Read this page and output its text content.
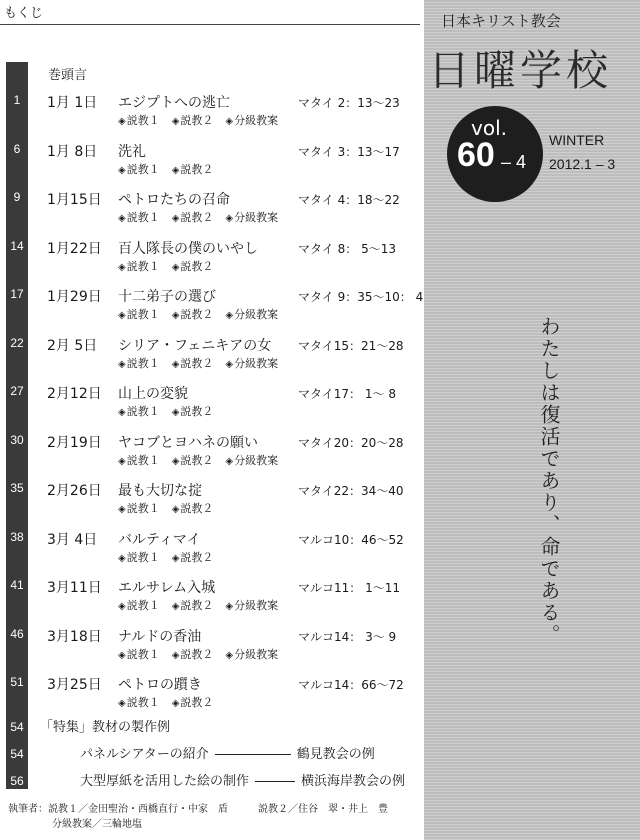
もくじ
巻頭言
1	1月 1日 エジプトへの逃亡	マタイ 2：13〜23
◈ 説教１	◈ 説教２	◈ 分級教案
6	1月 8日 洗礼	マタイ 3：13〜17
◈ 説教１	◈ 説教２
9	1月15日 ペトロたちの召命	マタイ 4：18〜22
◈ 説教１	◈ 説教２	◈ 分級教案
14	1月22日 百人隊長の僕のいやし	マタイ 8： 5〜13
◈ 説教１	◈ 説教２
17	1月29日 十二弟子の選び	マタイ 9：35〜10： 4
◈ 説教１	◈ 説教２	◈ 分級教案
22	2月 5日 シリア・フェニキアの女 マタイ15：21〜28
◈ 説教１	◈ 説教２	◈ 分級教案
27	2月12日 山上の変貌	マタイ17： 1〜 8
◈ 説教１	◈ 説教２
30	2月19日 ヤコブとヨハネの願い	マタイ20：20〜28
◈ 説教１	◈ 説教２	◈ 分級教案
35	2月26日 最も大切な掟	マタイ22：34〜40
◈ 説教１	◈ 説教２
38	3月 4日 バルティマイ	マルコ10：46〜52
◈ 説教１	◈ 説教２
41	3月11日 エルサレム入城	マルコ11： 1〜11
◈ 説教１	◈ 説教２	◈ 分級教案
46	3月18日 ナルドの香油	マルコ14： 3〜 9
◈ 説教１	◈ 説教２	◈ 分級教案
51	3月25日 ペトロの躓き	マルコ14：66〜72
◈ 説教１	◈ 説教２
54	「特集」教材の製作例
54	パネルシアターの紹介	鶴見教会の例
56	大型厚紙を活用した絵の制作	横浜海岸教会の例
執筆者：説教１／金田聖治・西橋直行・中家　盾　　　説教２／住谷　翠・井上　豊
分級教案／三輪地塩
日本キリスト教会
日曜学校
vol.
60 – 4
WINTER
2012.1 – 3
わたしは復活であり、命である。
